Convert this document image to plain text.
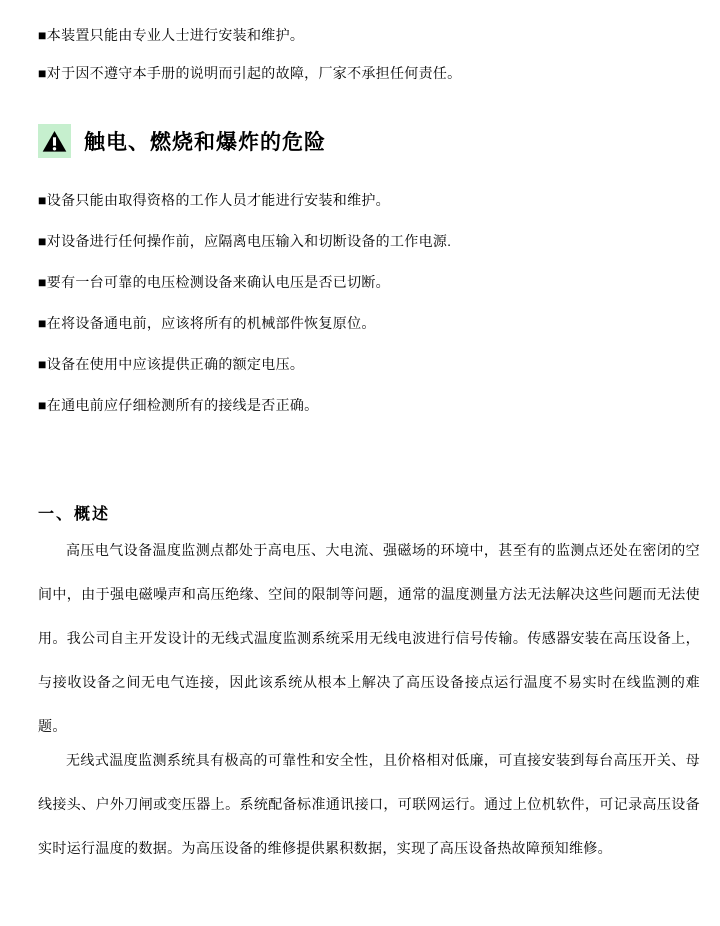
■本装置只能由专业人士进行安装和维护。
■对于因不遵守本手册的说明而引起的故障，厂家不承担任何责任。
触电、燃烧和爆炸的危险
■设备只能由取得资格的工作人员才能进行安装和维护。
■对设备进行任何操作前，应隔离电压输入和切断设备的工作电源.
■要有一台可靠的电压检测设备来确认电压是否已切断。
■在将设备通电前，应该将所有的机械部件恢复原位。
■设备在使用中应该提供正确的额定电压。
■在通电前应仔细检测所有的接线是否正确。
一、概述

高压电气设备温度监测点都处于高电压、大电流、强磁场的环境中，甚至有的监测点还处在密闭的空间中，由于强电磁噪声和高压绝缘、空间的限制等问题，通常的温度测量方法无法解决这些问题而无法使用。我公司自主开发设计的无线式温度监测系统采用无线电波进行信号传输。传感器安装在高压设备上，与接收设备之间无电气连接，因此该系统从根本上解决了高压设备接点运行温度不易实时在线监测的难题。

无线式温度监测系统具有极高的可靠性和安全性，且价格相对低廉，可直接安装到每台高压开关、母线接头、户外刀闸或变压器上。系统配备标准通讯接口，可联网运行。通过上位机软件，可记录高压设备实时运行温度的数据。为高压设备的维修提供累积数据，实现了高压设备热故障预知维修。
